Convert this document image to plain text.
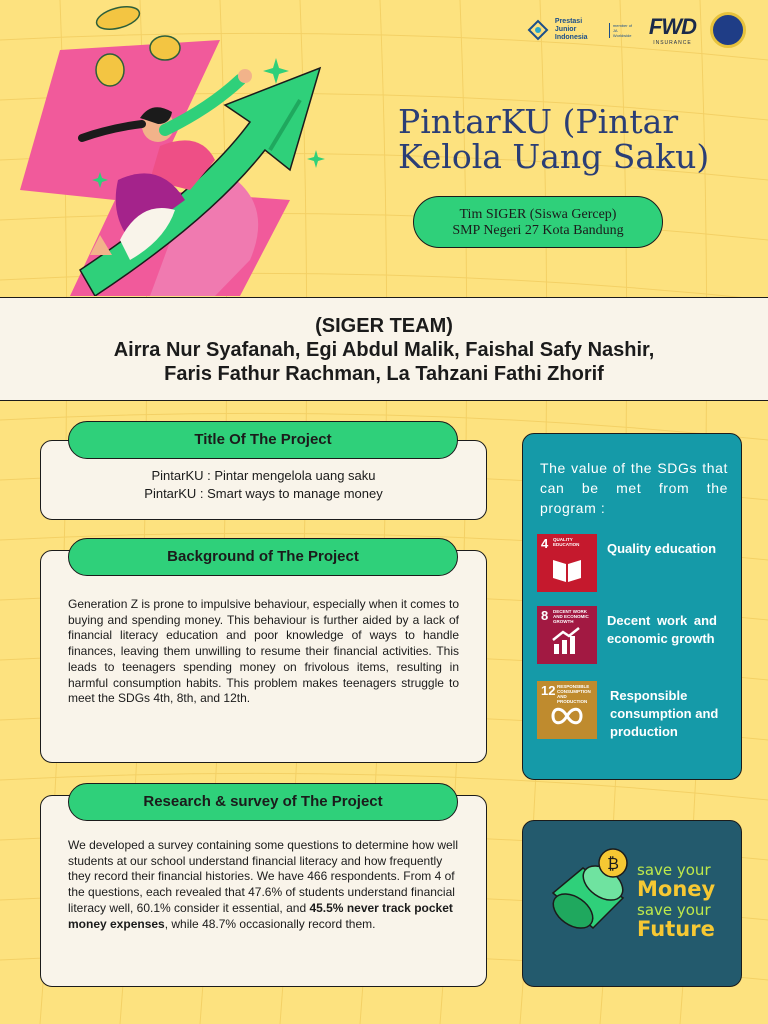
Prestasi Junior Indonesia
member of JA Worldwide FWD
INSURANCE
PintarKU (Pintar Kelola Uang Saku)
Tim SIGER (Siswa Gercep)
SMP Negeri 27 Kota Bandung
(SIGER TEAM)
Airra Nur Syafanah, Egi Abdul Malik, Faishal Safy Nashir,
Faris Fathur Rachman, La Tahzani Fathi Zhorif
PintarKU : Pintar mengelola uang saku
PintarKU : Smart ways to manage money
Title Of The Project
Generation Z is prone to impulsive behaviour, especially when it comes to buying and spending money. This behaviour is further aided by a lack of financial literacy education and poor knowledge of ways to handle finances, leaving them unwilling to resume their financial activities. This leads to teenagers spending money on frivolous items, resulting in harmful consumption habits. This problem makes teenagers struggle to meet the SDGs 4th, 8th, and 12th.
Background of The Project
We developed a survey containing some questions to determine how well students at our school understand financial literacy and how frequently they record their financial histories. We have 466 respondents. From 4 of the questions, each revealed that 47.6% of students understand financial literacy well, 60.1% consider it essential, and 45.5% never track pocket money expenses, while 48.7% occasionally record them.
Research & survey of The Project
The value of the SDGs that can be met from the program :
4 QUALITY EDUCATION	Quality education
8 DECENT WORK AND ECONOMIC GROWTH	Decent work and economic growth
12 RESPONSIBLE CONSUMPTION AND PRODUCTION	Responsible consumption and production
₿ save your
Money
save your
Future
